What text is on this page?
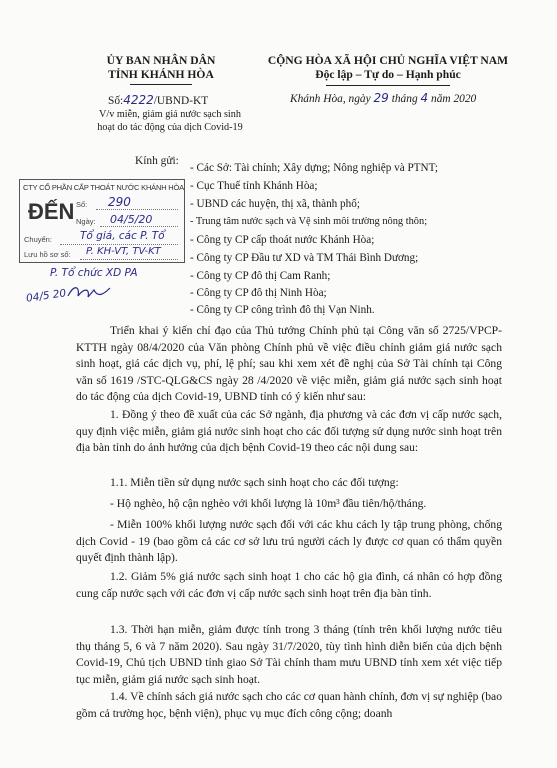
ỦY BAN NHÂN DÂN
TỈNH KHÁNH HÒA
CỘNG HÒA XÃ HỘI CHỦ NGHĨA VIỆT NAM
Độc lập – Tự do – Hạnh phúc
Số:4222/UBND-KT	Khánh Hòa, ngày 29 tháng 4 năm 2020
V/v miễn, giảm giá nước sạch sinh
hoạt do tác động của dịch Covid-19
Kính gửi:
- Các Sở: Tài chính; Xây dựng; Nông nghiệp và PTNT;
- Cục Thuế tỉnh Khánh Hòa;
- UBND các huyện, thị xã, thành phố;
- Trung tâm nước sạch và Vệ sinh môi trường nông thôn;
- Công ty CP cấp thoát nước Khánh Hòa;
- Công ty CP Đầu tư XD và TM Thái Bình Dương;
- Công ty CP đô thị Cam Ranh;
- Công ty CP đô thị Ninh Hòa;
- Công ty CP công trình đô thị Vạn Ninh.
CTY CỔ PHẦN CẤP THOÁT NƯỚC KHÁNH HÒA
ĐẾN Số: 290
Ngày: 04/5/20
Chuyển:	Tổ giá, các P. Tổ
Lưu hồ sơ số: P. KH-VT, TV-KT
P. Tổ chức XD PA
04/5 20
Triển khai ý kiến chỉ đạo của Thủ tướng Chính phủ tại Công văn số 2725/VPCP-KTTH ngày 08/4/2020 của Văn phòng Chính phủ về việc điều chỉnh giảm giá nước sạch sinh hoạt, giá các dịch vụ, phí, lệ phí; sau khi xem xét đề nghị của Sở Tài chính tại Công văn số 1619 /STC-QLG&CS ngày 28 /4/2020 về việc miễn, giảm giá nước sạch sinh hoạt do tác động của dịch Covid-19, UBND tỉnh có ý kiến như sau:
1. Đồng ý theo đề xuất của các Sở ngành, địa phương và các đơn vị cấp nước sạch, quy định việc miễn, giảm giá nước sinh hoạt cho các đối tượng sử dụng nước sinh hoạt trên địa bàn tỉnh do ảnh hưởng của dịch bệnh Covid-19 theo các nội dung sau:
1.1. Miễn tiền sử dụng nước sạch sinh hoạt cho các đối tượng:
- Hộ nghèo, hộ cận nghèo với khối lượng là 10m³ đầu tiên/hộ/tháng.
- Miễn 100% khối lượng nước sạch đối với các khu cách ly tập trung phòng, chống dịch Covid - 19 (bao gồm cả các cơ sở lưu trú người cách ly được cơ quan có thẩm quyền quyết định thành lập).
1.2. Giảm 5% giá nước sạch sinh hoạt 1 cho các hộ gia đình, cá nhân có hợp đồng cung cấp nước sạch với các đơn vị cấp nước sạch sinh hoạt trên địa bàn tỉnh.
1.3. Thời hạn miễn, giảm được tính trong 3 tháng (tính trên khối lượng nước tiêu thụ tháng 5, 6 và 7 năm 2020). Sau ngày 31/7/2020, tùy tình hình diễn biến của dịch bệnh Covid-19, Chủ tịch UBND tỉnh giao Sở Tài chính tham mưu UBND tỉnh xem xét việc tiếp tục miễn, giảm giá nước sạch sinh hoạt.
1.4. Về chính sách giá nước sạch cho các cơ quan hành chính, đơn vị sự nghiệp (bao gồm cả trường học, bệnh viện), phục vụ mục đích công cộng; doanh
